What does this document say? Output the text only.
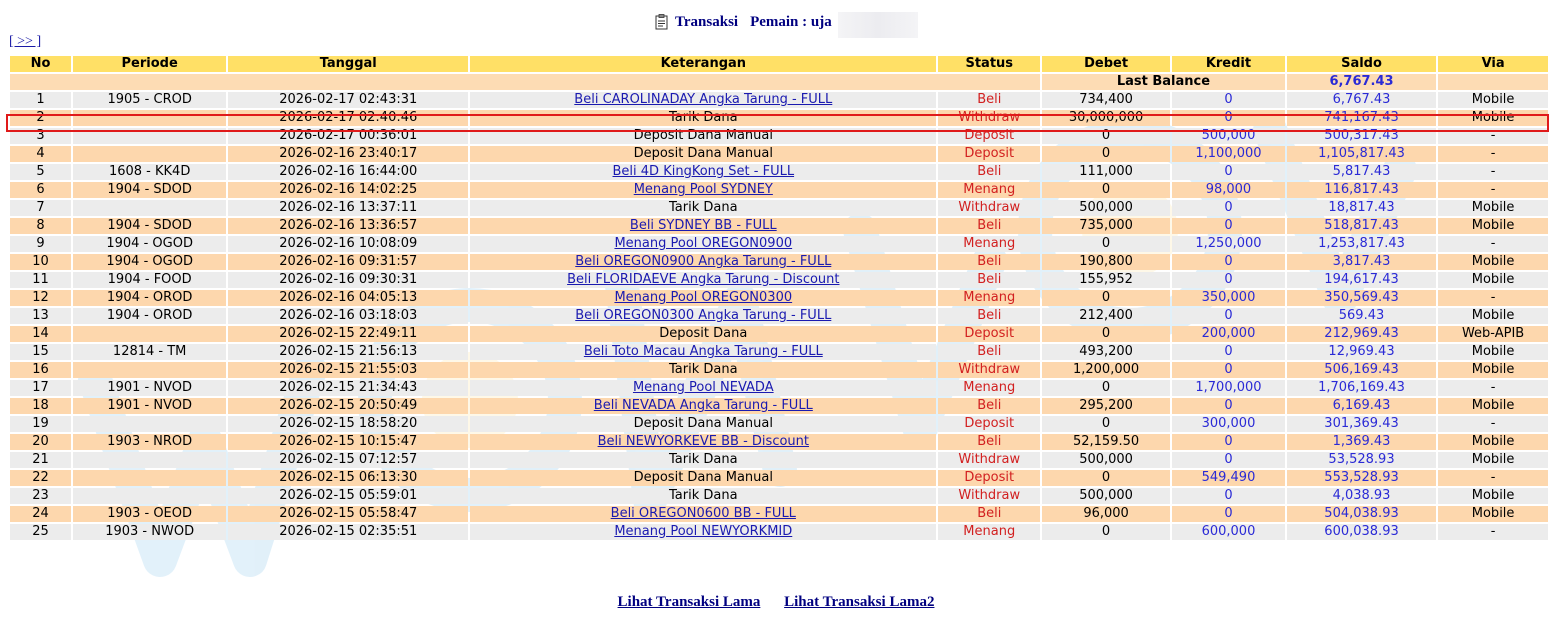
Transaksi Pemain : uja
[ >> ]
No	Periode	Tanggal	Keterangan	Status	Debet	Kredit	Saldo	Via
					Last Balance		6,767.43	
1	1905 - CROD	2026-02-17 02:43:31	Beli CAROLINADAY Angka Tarung - FULL	Beli	734,400	0	6,767.43	Mobile
2		2026-02-17 02:40:46	Tarik Dana	Withdraw	30,000,000	0	741,167.43	Mobile
3		2026-02-17 00:36:01	Deposit Dana Manual	Deposit	0	500,000	500,317.43	-
4		2026-02-16 23:40:17	Deposit Dana Manual	Deposit	0	1,100,000	1,105,817.43	-
5	1608 - KK4D	2026-02-16 16:44:00	Beli 4D KingKong Set - FULL	Beli	111,000	0	5,817.43	-
6	1904 - SDOD	2026-02-16 14:02:25	Menang Pool SYDNEY	Menang	0	98,000	116,817.43	-
7		2026-02-16 13:37:11	Tarik Dana	Withdraw	500,000	0	18,817.43	Mobile
8	1904 - SDOD	2026-02-16 13:36:57	Beli SYDNEY BB - FULL	Beli	735,000	0	518,817.43	Mobile
9	1904 - OGOD	2026-02-16 10:08:09	Menang Pool OREGON0900	Menang	0	1,250,000	1,253,817.43	-
10	1904 - OGOD	2026-02-16 09:31:57	Beli OREGON0900 Angka Tarung - FULL	Beli	190,800	0	3,817.43	Mobile
11	1904 - FOOD	2026-02-16 09:30:31	Beli FLORIDAEVE Angka Tarung - Discount	Beli	155,952	0	194,617.43	Mobile
12	1904 - OROD	2026-02-16 04:05:13	Menang Pool OREGON0300	Menang	0	350,000	350,569.43	-
13	1904 - OROD	2026-02-16 03:18:03	Beli OREGON0300 Angka Tarung - FULL	Beli	212,400	0	569.43	Mobile
14		2026-02-15 22:49:11	Deposit Dana	Deposit	0	200,000	212,969.43	Web-APIB
15	12814 - TM	2026-02-15 21:56:13	Beli Toto Macau Angka Tarung - FULL	Beli	493,200	0	12,969.43	Mobile
16		2026-02-15 21:55:03	Tarik Dana	Withdraw	1,200,000	0	506,169.43	Mobile
17	1901 - NVOD	2026-02-15 21:34:43	Menang Pool NEVADA	Menang	0	1,700,000	1,706,169.43	-
18	1901 - NVOD	2026-02-15 20:50:49	Beli NEVADA Angka Tarung - FULL	Beli	295,200	0	6,169.43	Mobile
19		2026-02-15 18:58:20	Deposit Dana Manual	Deposit	0	300,000	301,369.43	-
20	1903 - NROD	2026-02-15 10:15:47	Beli NEWYORKEVE BB - Discount	Beli	52,159.50	0	1,369.43	Mobile
21		2026-02-15 07:12:57	Tarik Dana	Withdraw	500,000	0	53,528.93	Mobile
22		2026-02-15 06:13:30	Deposit Dana Manual	Deposit	0	549,490	553,528.93	-
23		2026-02-15 05:59:01	Tarik Dana	Withdraw	500,000	0	4,038.93	Mobile
24	1903 - OEOD	2026-02-15 05:58:47	Beli OREGON0600 BB - FULL	Beli	96,000	0	504,038.93	Mobile
25	1903 - NWOD	2026-02-15 02:35:51	Menang Pool NEWYORKMID	Menang	0	600,000	600,038.93	-
Lihat Transaksi Lama Lihat Transaksi Lama2
